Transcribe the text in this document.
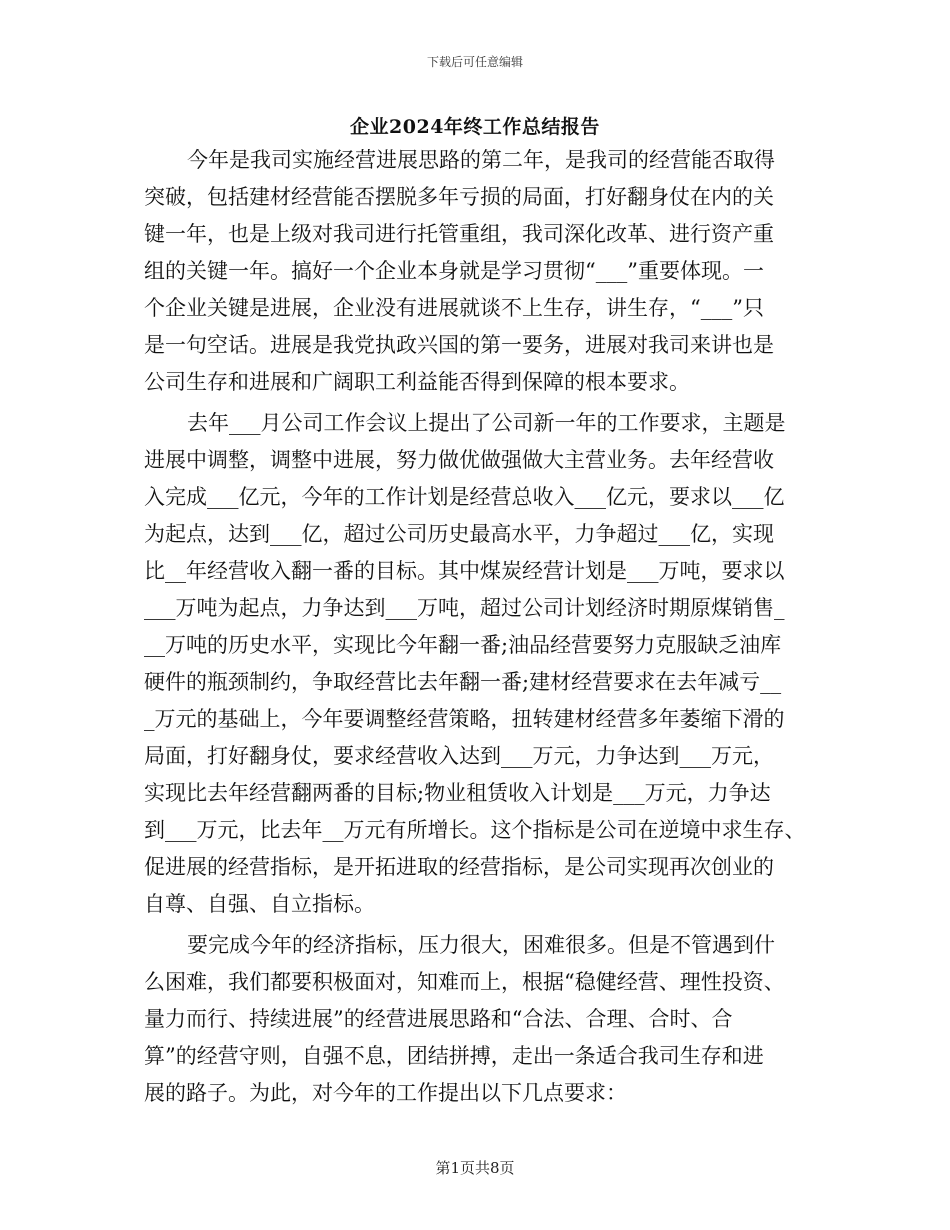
下载后可任意编辑
企业2024年终工作总结报告
今年是我司实施经营进展思路的第二年，是我司的经营能否取得
突破，包括建材经营能否摆脱多年亏损的局面，打好翻身仗在内的关
键一年，也是上级对我司进行托管重组，我司深化改革、进行资产重
组的关键一年。搞好一个企业本身就是学习贯彻“___”重要体现。一
个企业关键是进展，企业没有进展就谈不上生存，讲生存，“___”只
是一句空话。进展是我党执政兴国的第一要务，进展对我司来讲也是
公司生存和进展和广阔职工利益能否得到保障的根本要求。
去年___月公司工作会议上提出了公司新一年的工作要求，主题是
进展中调整，调整中进展，努力做优做强做大主营业务。去年经营收
入完成___亿元，今年的工作计划是经营总收入___亿元，要求以___亿
为起点，达到___亿，超过公司历史最高水平，力争超过___亿，实现
比__年经营收入翻一番的目标。其中煤炭经营计划是___万吨，要求以
___万吨为起点，力争达到___万吨，超过公司计划经济时期原煤销售_
__万吨的历史水平，实现比今年翻一番;油品经营要努力克服缺乏油库
硬件的瓶颈制约，争取经营比去年翻一番;建材经营要求在去年减亏__
_万元的基础上，今年要调整经营策略，扭转建材经营多年萎缩下滑的
局面，打好翻身仗，要求经营收入达到___万元，力争达到___万元，
实现比去年经营翻两番的目标;物业租赁收入计划是___万元，力争达
到___万元，比去年__万元有所增长。这个指标是公司在逆境中求生存、
促进展的经营指标，是开拓进取的经营指标，是公司实现再次创业的
自尊、自强、自立指标。
要完成今年的经济指标，压力很大，困难很多。但是不管遇到什
么困难，我们都要积极面对，知难而上，根据“稳健经营、理性投资、
量力而行、持续进展”的经营进展思路和“合法、合理、合时、合
算”的经营守则，自强不息，团结拼搏，走出一条适合我司生存和进
展的路子。为此，对今年的工作提出以下几点要求：
第1页共8页
